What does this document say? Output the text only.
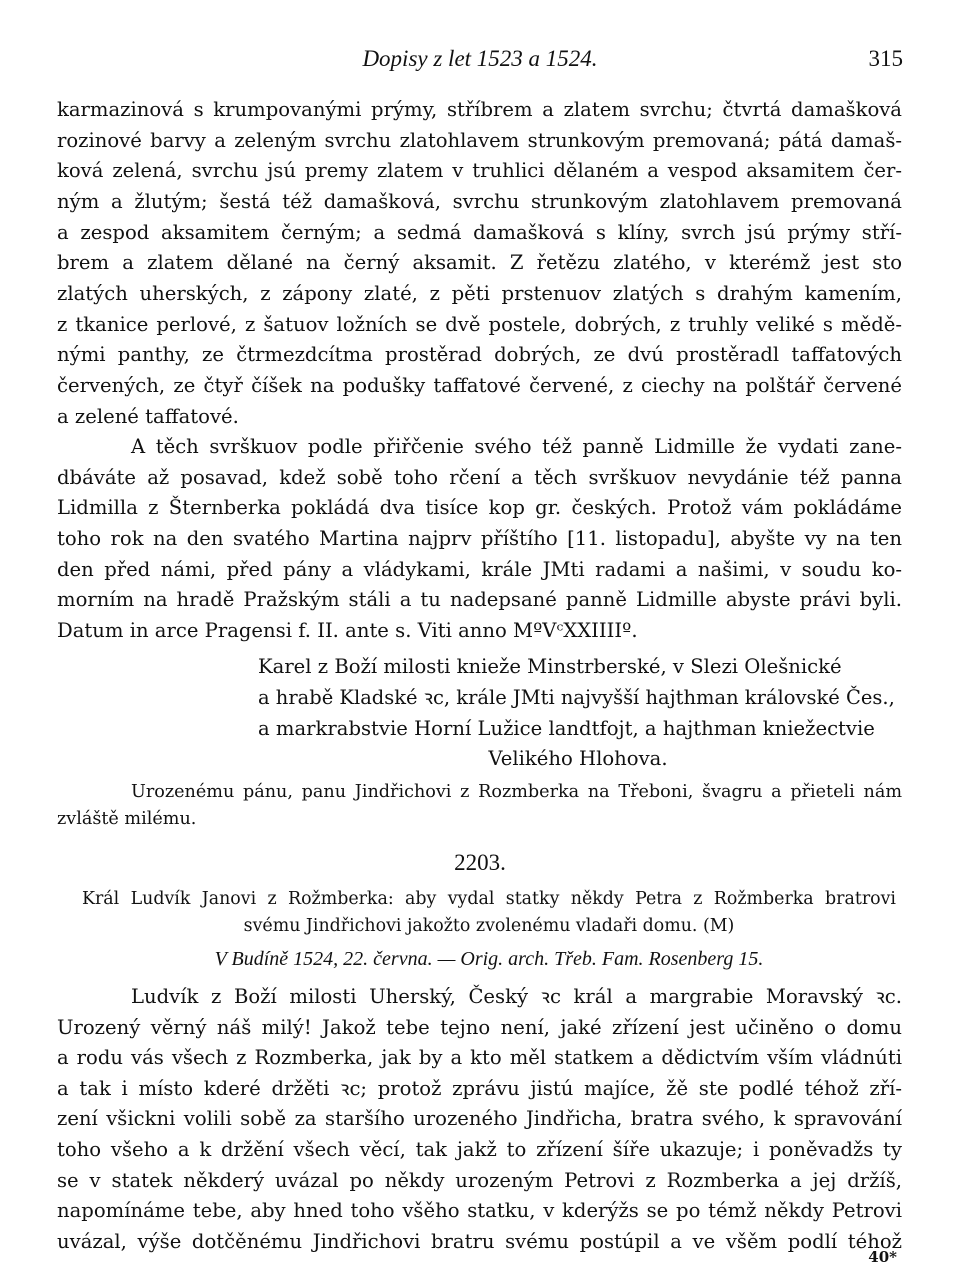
Dopisy z let 1523 a 1524.	315
karmazinová s krumpovanými prýmy, stříbrem a zlatem svrchu; čtvrtá damašková
rozinové barvy a zeleným svrchu zlatohlavem strunkovým premovaná; pátá damaš-
ková zelená, svrchu jsú premy zlatem v truhlici dělaném a vespod aksamitem čer-
ným a žlutým; šestá též damašková, svrchu strunkovým zlatohlavem premovaná
a zespod aksamitem černým; a sedmá damašková s klíny, svrch jsú prýmy stří-
brem a zlatem dělané na černý aksamit. Z řetězu zlatého, v kterémž jest sto
zlatých uherských, z zápony zlaté, z pěti prstenuov zlatých s drahým kamením,
z tkanice perlové, z šatuov ložních se dvě postele, dobrých, z truhly veliké s mědě-
nými panthy, ze čtrmezdcítma prostěrad dobrých, ze dvú prostěradl taffatových
červených, ze čtyř číšek na podušky taffatové červené, z ciechy na polštář červené
a zelené taffatové.
A těch svrškuov podle přiřčenie svého též panně Lidmille že vydati zane-
dbáváte až posavad, kdež sobě toho rčení a těch svrškuov nevydánie též panna
Lidmilla z Šternberka pokládá dva tisíce kop gr. českých. Protož vám pokládáme
toho rok na den svatého Martina najprv příštího [11. listopadu], abyšte vy na ten
den před námi, před pány a vládykami, krále JMti radami a našimi, v soudu ko-
morním na hradě Pražským stáli a tu nadepsané panně Lidmille abyste právi byli.
Datum in arce Pragensi f. II. ante s. Viti anno MºVᶜXXIIIIº.
Karel z Boží milosti knieže Minstrberské, v Slezi Olešnické
a hrabě Kladské ꝛc, krále JMti najvyšší hajthman královské Čes.,
a markrabstvie Horní Lužice landtfojt, a hajthman kniežectvie
Velikého Hlohova.
Urozenému pánu, panu Jindřichovi z Rozmberka na Třeboni, švagru a přieteli nám
zvláště milému.
2203.
Král Ludvík Janovi z Rožmberka: aby vydal statky někdy Petra z Rožmberka bratrovi
svému Jindřichovi jakožto zvolenému vladaři domu. (M)
V Budíně 1524, 22. června. — Orig. arch. Třeb. Fam. Rosenberg 15.
Ludvík z Boží milosti Uherský, Český ꝛc král a margrabie Moravský ꝛc.
Urozený věrný náš milý! Jakož tebe tejno není, jaké zřízení jest učiněno o domu
a rodu vás všech z Rozmberka, jak by a kto měl statkem a dědictvím vším vládnúti
a tak i místo kderé držěti ꝛc; protož zprávu jistú majíce, žě ste podlé téhož zří-
zení všicknі volili sobě za staršího urozeného Jindřicha, bratra svého, k spravování
toho všeho a k držění všech věcí, tak jakž to zřízení šíře ukazuje; i poněvadžs ty
se v statek někderý uvázal po někdy urozeným Petrovi z Rozmberka a jej držíš,
napomínáme tebe, aby hned toho všěho statku, v kderýžs se po témž někdy Petrovi
uvázal, výše dotčěnému Jindřichovi bratru svému postúpil a ve všěm podlí téhož
40*
